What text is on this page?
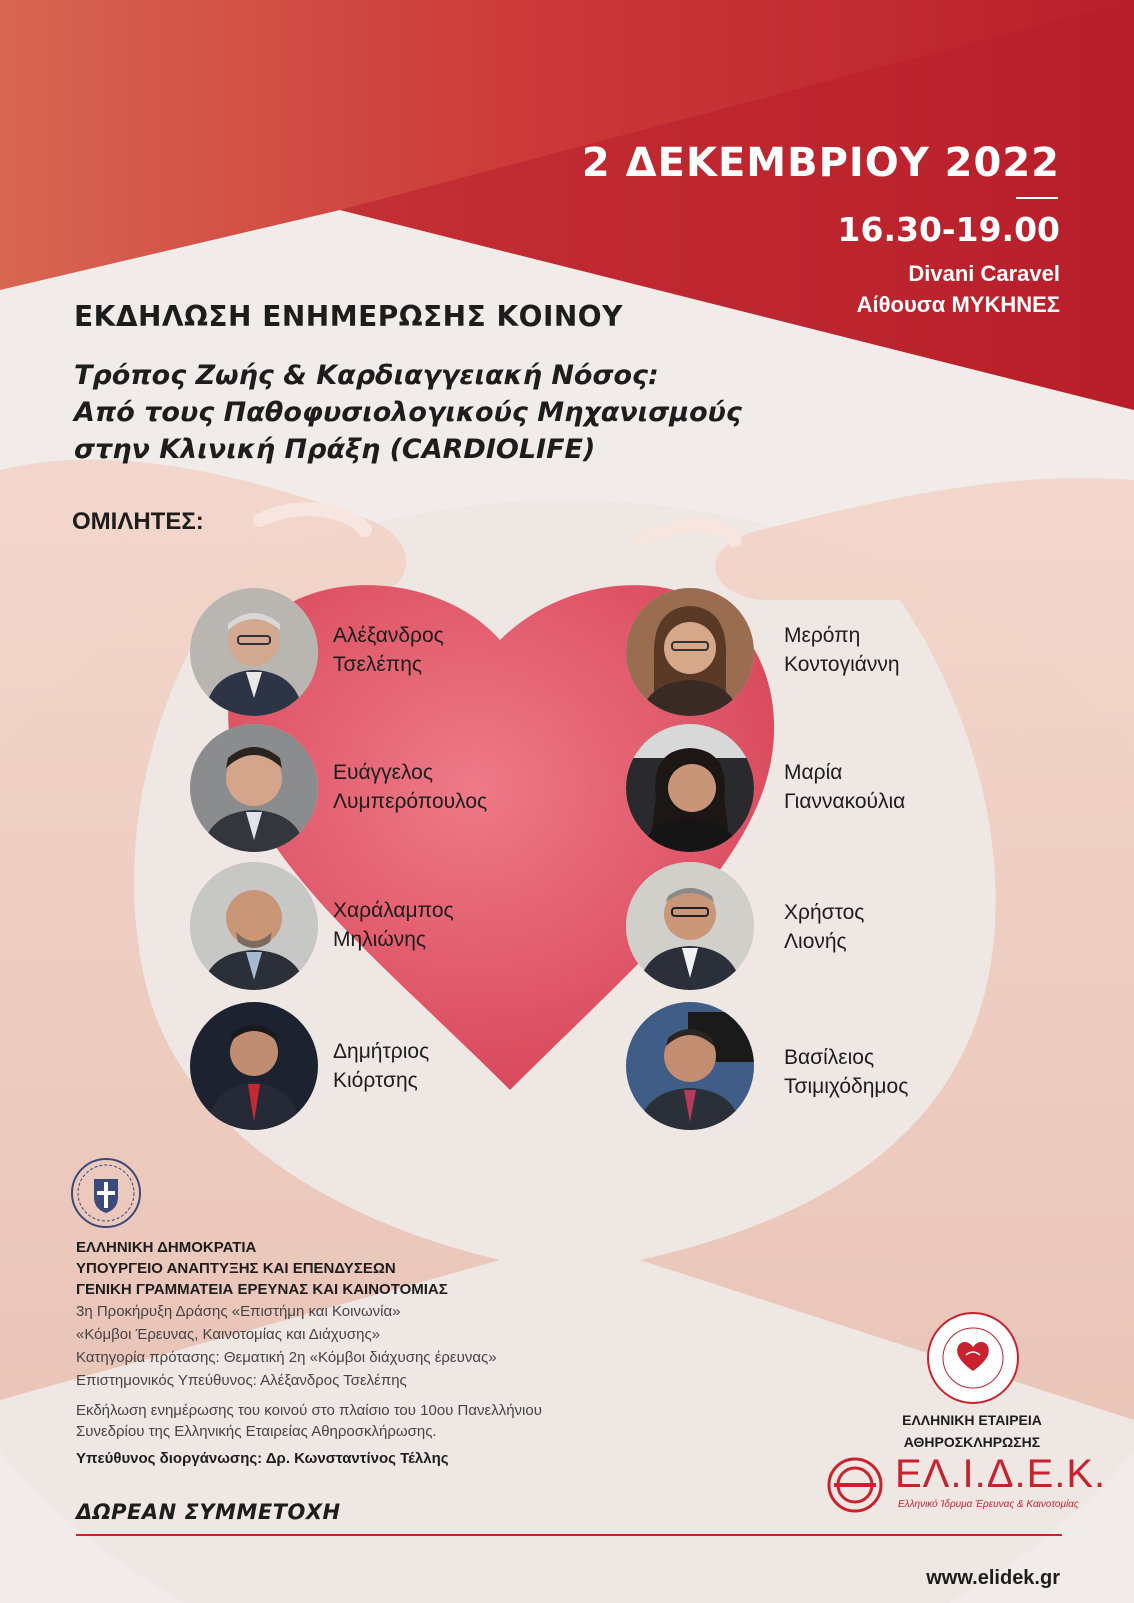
2 ΔΕΚΕΜΒΡΙΟΥ 2022
16.30-19.00
Divani Caravel
Αίθουσα ΜΥΚΗΝΕΣ
ΕΚΔΗΛΩΣΗ ΕΝΗΜΕΡΩΣΗΣ ΚΟΙΝΟΥ
Τρόπος Ζωής & Καρδιαγγειακή Νόσος:
Από τους Παθοφυσιολογικούς Μηχανισμούς
στην Κλινική Πράξη (CARDIOLIFE)
ΟΜΙΛΗΤΕΣ:
Αλέξανδρος
Τσελέπης
Ευάγγελος
Λυμπερόπουλος
Χαράλαμπος
Μηλιώνης
Δημήτριος
Κιόρτσης
Μερόπη
Κοντογιάννη
Μαρία
Γιαννακούλια
Χρήστος
Λιονής
Βασίλειος
Τσιμιχόδημος
ΕΛΛΗΝΙΚΗ ΔΗΜΟΚΡΑΤΙΑ
ΥΠΟΥΡΓΕΙΟ ΑΝΑΠΤΥΞΗΣ ΚΑΙ ΕΠΕΝΔΥΣΕΩΝ
ΓΕΝΙΚΗ ΓΡΑΜΜΑΤΕΙΑ ΕΡΕΥΝΑΣ ΚΑΙ ΚΑΙΝΟΤΟΜΙΑΣ
3η Προκήρυξη Δράσης «Επιστήμη και Κοινωνία»
«Κόμβοι Έρευνας, Καινοτομίας και Διάχυσης»
Κατηγορία πρότασης: Θεματική 2η «Κόμβοι διάχυσης έρευνας»
Επιστημονικός Υπεύθυνος: Αλέξανδρος Τσελέπης
Εκδήλωση ενημέρωσης του κοινού στο πλαίσιο του 10ου Πανελλήνιου
Συνεδρίου της Ελληνικής Εταιρείας Αθηροσκλήρωσης.
Υπεύθυνος διοργάνωσης: Δρ. Κωνσταντίνος Τέλλης
ΔΩΡΕΑΝ ΣΥΜΜΕΤΟΧΗ
www.elidek.gr
ΕΛΛΗΝΙΚΗ ΕΤΑΙΡΕΙΑ
ΑΘΗΡΟΣΚΛΗΡΩΣΗΣ
ΕΛ.Ι.Δ.Ε.Κ.
Ελληνικό Ίδρυμα Έρευνας & Καινοτομίας
